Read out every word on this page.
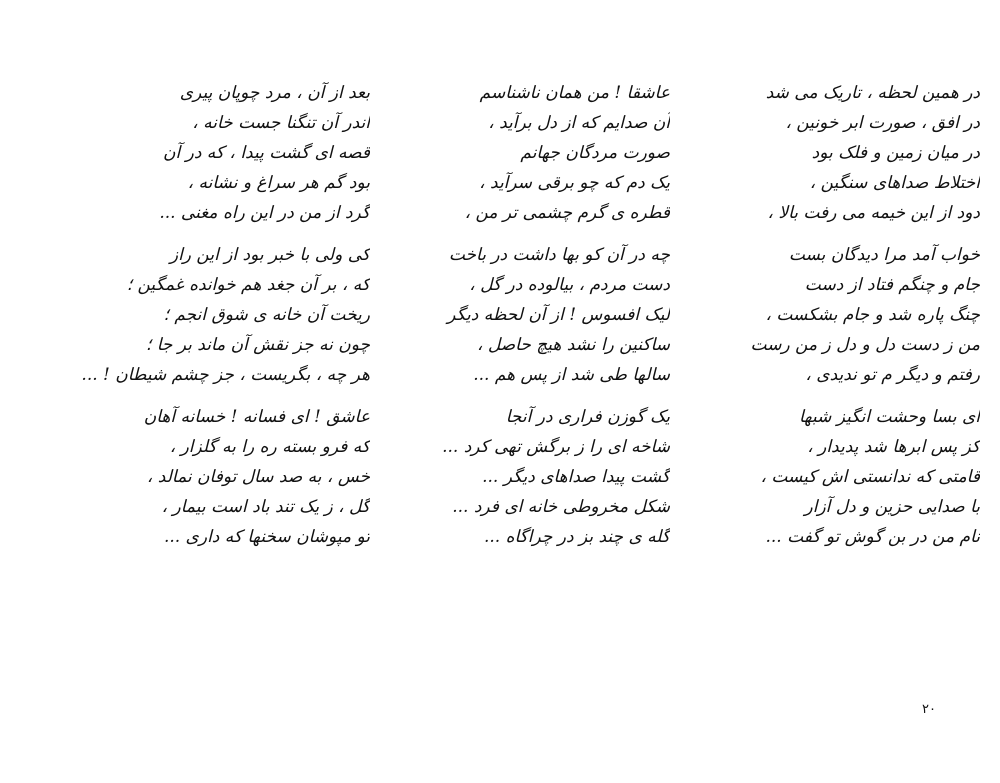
در همین لحظه ، تاریک می شد
در افق ، صورت ابر خونین ،
در میان زمین و فلک بود
اختلاط صداهای سنگین ،
دود از این خیمه می رفت بالا ،
خواب آمد مرا دیدگان بست
جام و چنگم فتاد از دست
چنگ پاره شد و جام بشکست ،
من ز دست دل و دل ز من رست
رفتم و دیگر م تو ندیدی ،
ای بسا وحشت انگیز شبها
کز پس ابرها شد پدیدار ،
قامتی که ندانستی اش کیست ،
با صدایی حزین و دل آزار
نام من در بن گوش تو گفت ...
عاشقا ! من همان ناشناسم
آن صدایم که از دل برآید ،
صورت مردگان جهانم
یک دم که چو برقی سرآید ،
قطره ی گرم چشمی تر من ،
چه در آن کو بها داشت در باخت
دست مردم ، بیالوده در گل ،
لیک افسوس ! از آن لحظه دیگر
ساکنین را نشد هیچ حاصل ،
سالها طی شد از پس هم ...
یک گوزن فراری در آنجا
شاخه ای را ز برگش تهی کرد ...
گشت پیدا صداهای دیگر ...
شکل مخروطی خانه ای فرد ...
گله ی چند بز در چراگاه ...
بعد از آن ، مرد چوپان پیری
اندر آن تنگنا جست خانه ،
قصه ای گشت پیدا ، که در آن
بود گم هر سراغ و نشانه ،
گرد از من در این راه مغنی ...
کی ولی با خبر بود از این راز
که ، بر آن جغد هم خوانده غمگین ؛
ریخت آن خانه ی شوق انجم ؛
چون نه جز نقش آن ماند بر جا ؛
هر چه ، بگریست ، جز چشم شیطان ! ...
عاشق ! ای فسانه ! خسانه آهان
که فرو بسته ره را به گلزار ،
خس ، به صد سال توفان نمالد ،
گل ، ز یک تند باد است بیمار ،
تو مپوشان سخنها که داری ...
۲۰
